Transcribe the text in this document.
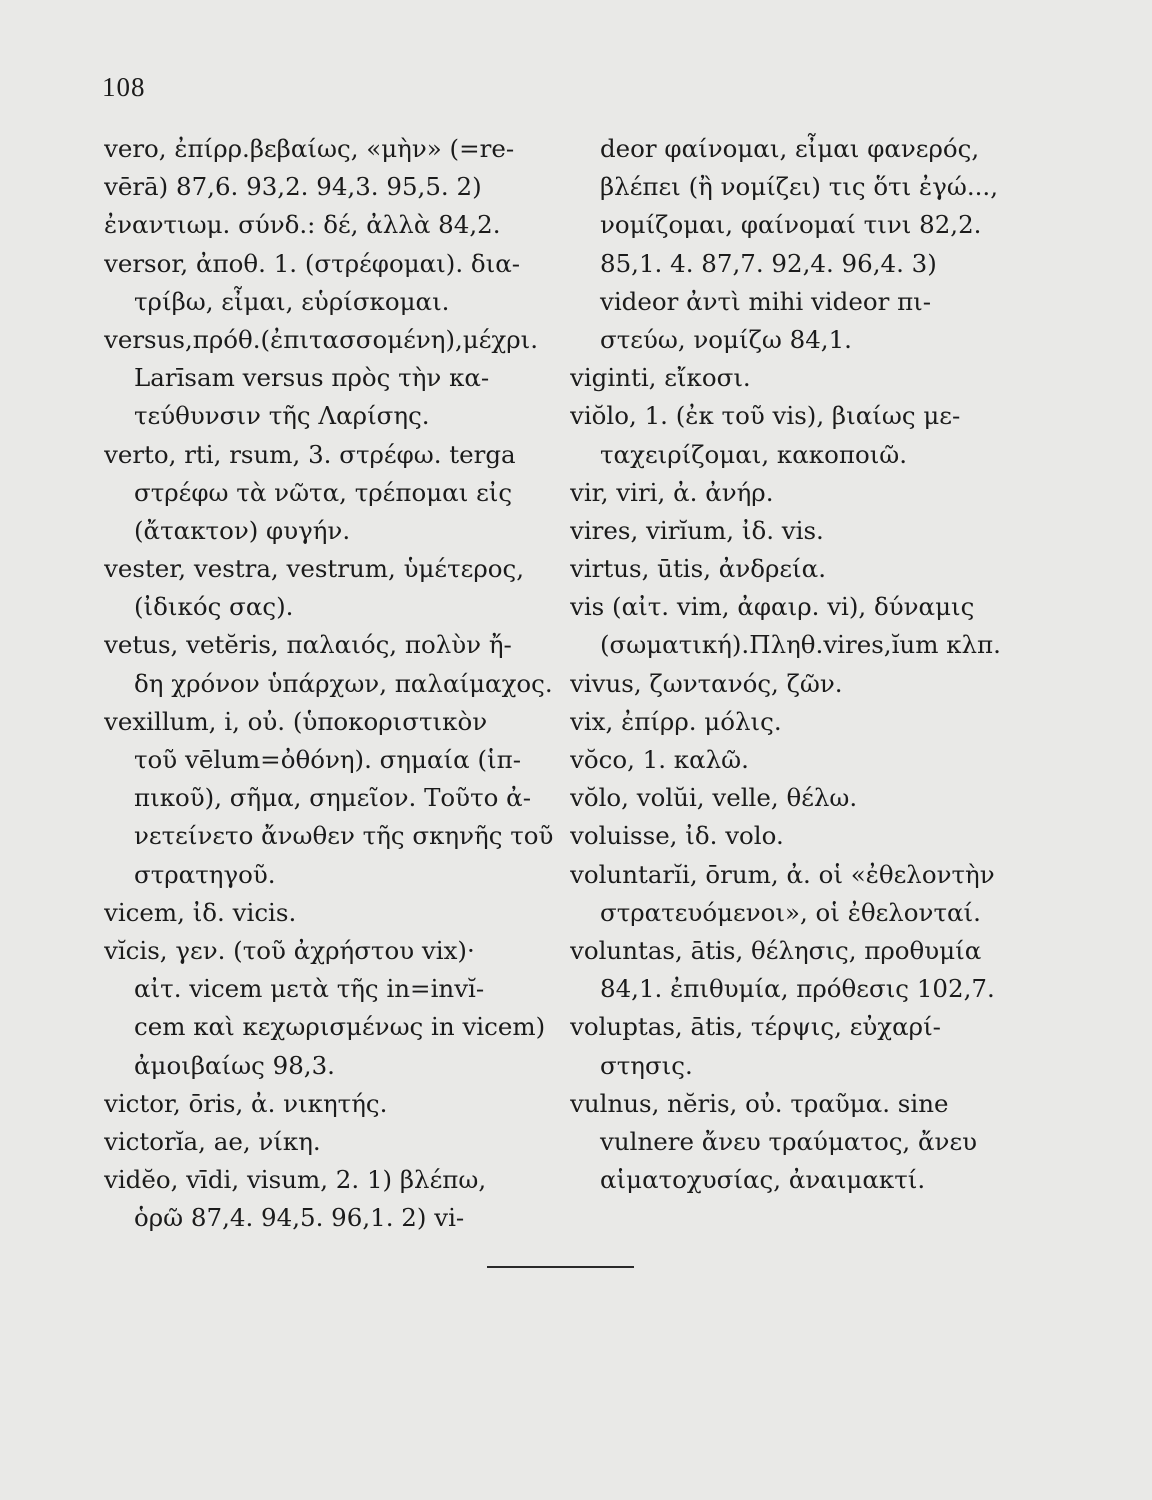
108
vero, ἐπίρρ.βεβαίως, «μὴν» (=re-
vērā) 87,6. 93,2. 94,3. 95,5. 2)
ἐναντιωμ. σύνδ.: δέ, ἀλλὰ 84,2.
versor, ἀποθ. 1. (στρέφομαι). δια-
τρίβω, εἶμαι, εὑρίσκομαι.
versus,πρόθ.(ἐπιτασσομένη),μέχρι.
Larīsam versus πρὸς τὴν κα-
τεύθυνσιν τῆς Λαρίσης.
verto, rti, rsum, 3. στρέφω. terga
στρέφω τὰ νῶτα, τρέπομαι εἰς
(ἄτακτον) φυγήν.
vester, vestra, vestrum, ὑμέτερος,
(ἰδικός σας).
vetus, vetĕris, παλαιός, πολὺν ἤ-
δη χρόνον ὑπάρχων, παλαίμαχος.
vexillum, i, οὐ. (ὑποκοριστικὸν
τοῦ vēlum=ὀθόνη). σημαία (ἱπ-
πικοῦ), σῆμα, σημεῖον. Τοῦτο ἀ-
νετείνετο ἄνωθεν τῆς σκηνῆς τοῦ
στρατηγοῦ.
vicem, ἰδ. vicis.
vĭcis, γεν. (τοῦ ἀχρήστου vix)·
αἰτ. vicem μετὰ τῆς in=invĭ-
cem καὶ κεχωρισμένως in vicem)
ἀμοιβαίως 98,3.
victor, ōris, ἀ. νικητής.
victorĭa, ae, νίκη.
vidĕo, vīdi, visum, 2. 1) βλέπω,
ὁρῶ 87,4. 94,5. 96,1. 2) vi-
deor φαίνομαι, εἶμαι φανερός,
βλέπει (ἢ νομίζει) τις ὅτι ἐγώ...,
νομίζομαι, φαίνομαί τινι 82,2.
85,1. 4. 87,7. 92,4. 96,4. 3)
videor ἀντὶ mihi videor πι-
στεύω, νομίζω 84,1.
viginti, εἴκοσι.
viŏlo, 1. (ἐκ τοῦ vis), βιαίως με-
ταχειρίζομαι, κακοποιῶ.
vir, viri, ἀ. ἀνήρ.
vires, virĭum, ἰδ. vis.
virtus, ūtis, ἀνδρεία.
vis (αἰτ. vim, ἀφαιρ. vi), δύναμις
(σωματική).Πληθ.vires,ĭum κλπ.
vivus, ζωντανός, ζῶν.
vix, ἐπίρρ. μόλις.
vŏco, 1. καλῶ.
vŏlo, volŭi, velle, θέλω.
voluisse, ἰδ. volo.
voluntarĭi, ōrum, ἀ. οἱ «ἐθελοντὴν
στρατευόμενοι», οἱ ἐθελονταί.
voluntas, ātis, θέλησις, προθυμία
84,1. ἐπιθυμία, πρόθεσις 102,7.
voluptas, ātis, τέρψις, εὐχαρί-
στησις.
vulnus, nĕris, οὐ. τραῦμα. sine
vulnere ἄνευ τραύματος, ἄνευ
αἱματοχυσίας, ἀναιμακτί.
